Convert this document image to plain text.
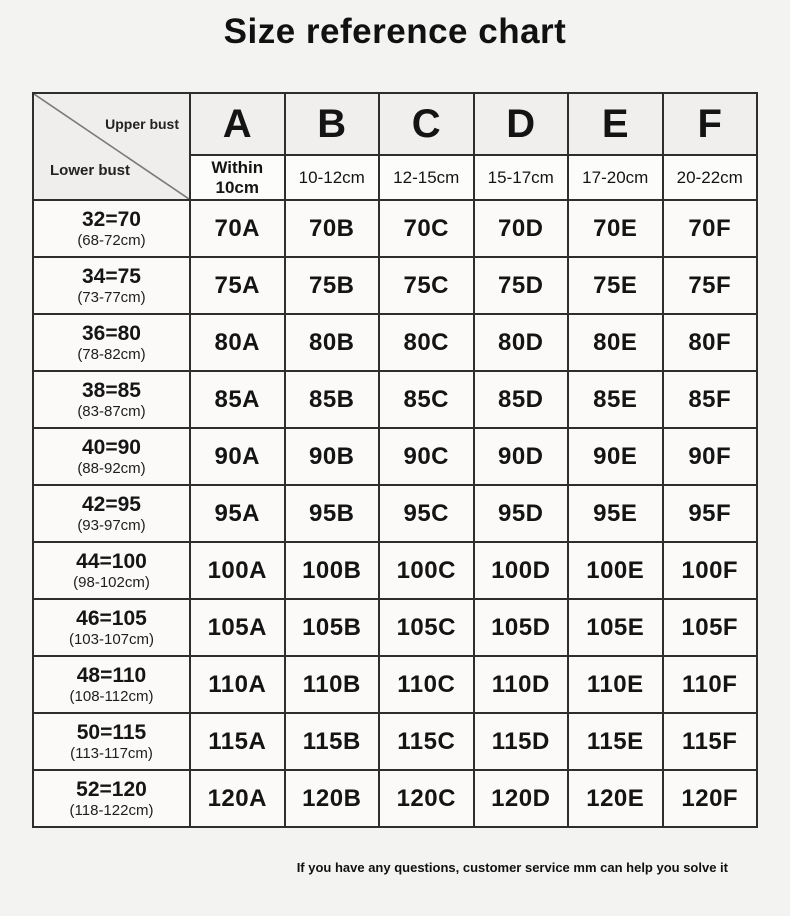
Size reference chart
Upper bust
Lower bust	A	B	C	D	E	F
	Within 10cm	10-12cm	12-15cm	15-17cm	17-20cm	20-22cm

32=70
(68-72cm)	70A	70B	70C	70D	70E	70F

34=75
(73-77cm)	75A	75B	75C	75D	75E	75F

36=80
(78-82cm)	80A	80B	80C	80D	80E	80F

38=85
(83-87cm)	85A	85B	85C	85D	85E	85F

40=90
(88-92cm)	90A	90B	90C	90D	90E	90F

42=95
(93-97cm)	95A	95B	95C	95D	95E	95F

44=100
(98-102cm)	100A	100B	100C	100D	100E	100F

46=105
(103-107cm)	105A	105B	105C	105D	105E	105F

48=110
(108-112cm)	110A	110B	110C	110D	110E	110F

50=115
(113-117cm)	115A	115B	115C	115D	115E	115F

52=120
(118-122cm)	120A	120B	120C	120D	120E	120F
If you have any questions, customer service mm can help you solve it
